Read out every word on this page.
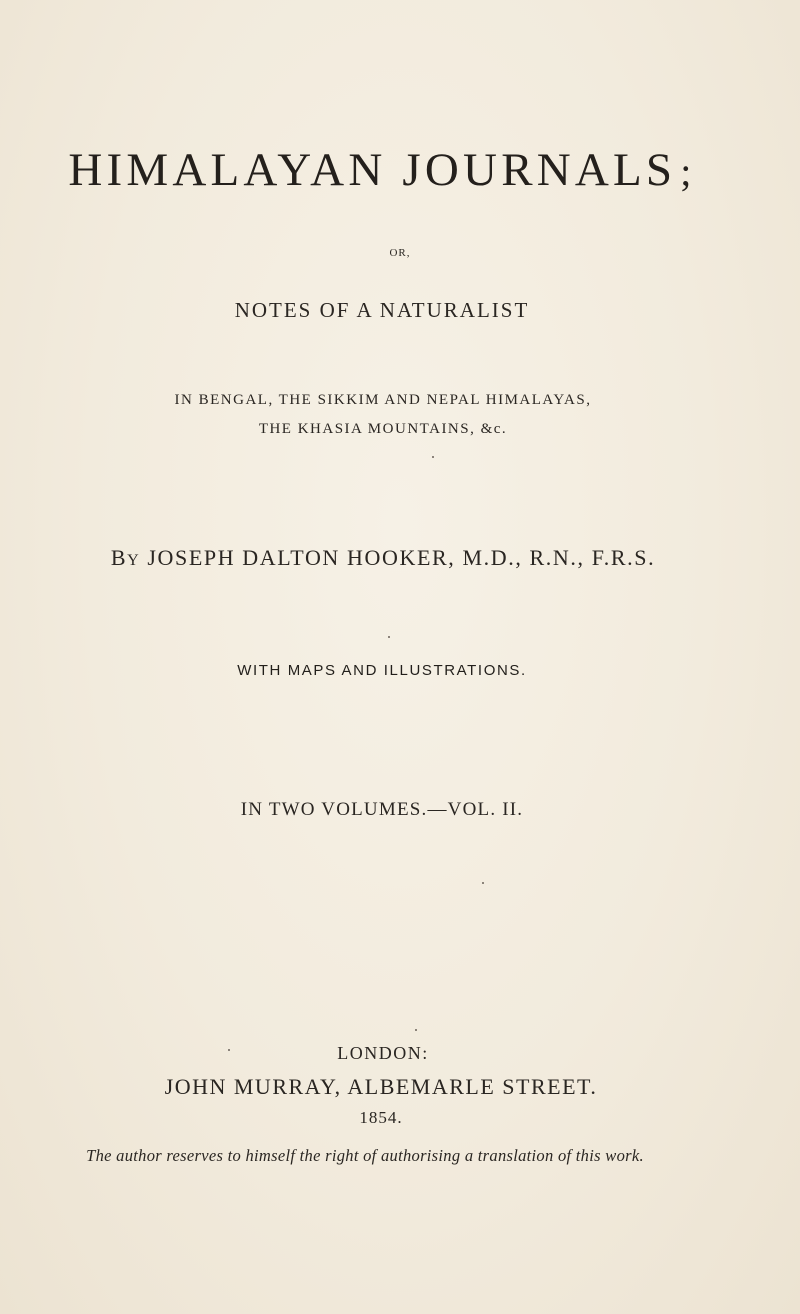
HIMALAYAN JOURNALS ;
OR,
NOTES OF A NATURALIST
IN BENGAL, THE SIKKIM AND NEPAL HIMALAYAS,
THE KHASIA MOUNTAINS, &c.
BY JOSEPH DALTON HOOKER, M.D., R.N., F.R.S.
WITH MAPS AND ILLUSTRATIONS.
IN TWO VOLUMES.—VOL. II.
LONDON:
JOHN MURRAY, ALBEMARLE STREET.
1854.
The author reserves to himself the right of authorising a translation of this work.
